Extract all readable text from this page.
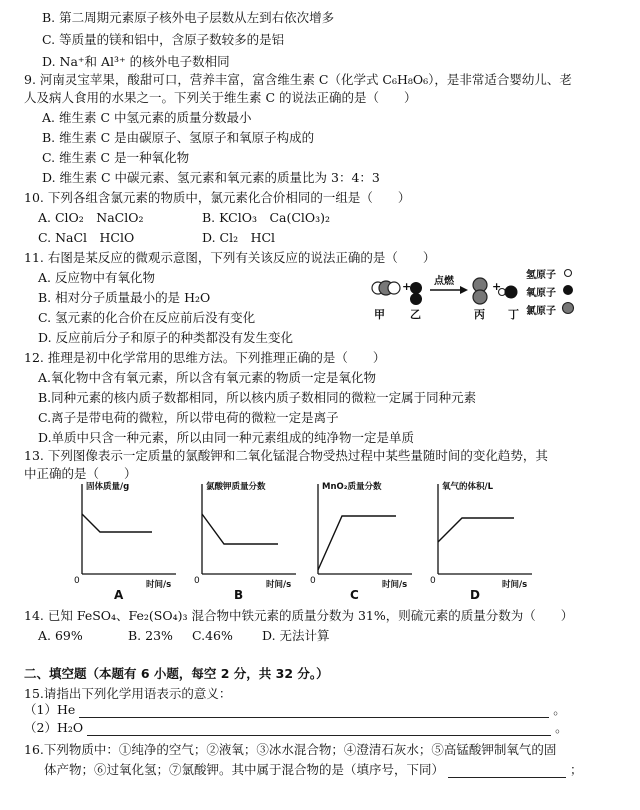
B. 第二周期元素原子核外电子层数从左到右依次增多
C. 等质量的镁和铝中，含原子数较多的是铝
D. Na⁺和 Al³⁺ 的核外电子数相同
9. 河南灵宝苹果，酸甜可口，营养丰富，富含维生素 C（化学式 C₆H₈O₆），是非常适合婴幼儿、老
人及病人食用的水果之一。下列关于维生素 C 的说法正确的是（　　）
A. 维生素 C 中氢元素的质量分数最小
B. 维生素 C 是由碳原子、氢原子和氧原子构成的
C. 维生素 C 是一种氧化物
D. 维生素 C 中碳元素、氢元素和氧元素的质量比为 3：4：3
10. 下列各组含氯元素的物质中，氯元素化合价相同的一组是（　　）
A. ClO₂　NaClO₂	B. KClO₃　Ca(ClO₃)₂
C. NaCl　HClO	D. Cl₂　HCl
11. 右图是某反应的微观示意图，下列有关该反应的说法正确的是（　　）
A. 反应物中有氧化物
B. 相对分子质量最小的是 H₂O
C. 氢元素的化合价在反应前后没有变化
D. 反应前后分子和原子的种类都没有发生变化
12. 推理是初中化学常用的思维方法。下列推理正确的是（　　）
A.氧化物中含有氧元素，所以含有氧元素的物质一定是氧化物
B.同种元素的核内质子数都相同，所以核内质子数相同的微粒一定属于同种元素
C.离子是带电荷的微粒，所以带电荷的微粒一定是离子
D.单质中只含一种元素，所以由同一种元素组成的纯净物一定是单质
13. 下列图像表示一定质量的氯酸钾和二氧化锰混合物受热过程中某些量随时间的变化趋势，其
中正确的是（　　）
+	+
点燃
甲 乙	丙 丁
氢原子
氧原子
氯原子
固体质量/g
0	时间/s
A
氯酸钾质量分数
0	时间/s
B
MnO₂质量分数
0	时间/s
C
氧气的体积/L
0	时间/s
D
14. 已知 FeSO₄、Fe₂(SO₄)₃ 混合物中铁元素的质量分数为 31%，则硫元素的质量分数为（　　）
A. 69%	B. 23% C.46% D. 无法计算
二、填空题（本题有 6 小题，每空 2 分，共 32 分。）
15.请指出下列化学用语表示的意义：
（1）He	。
（2）H₂O	。
16.下列物质中：①纯净的空气；②液氧；③冰水混合物；④澄清石灰水；⑤高锰酸钾制氧气的固
体产物；⑥过氧化氢；⑦氯酸钾。其中属于混合物的是（填序号，下同）	；
